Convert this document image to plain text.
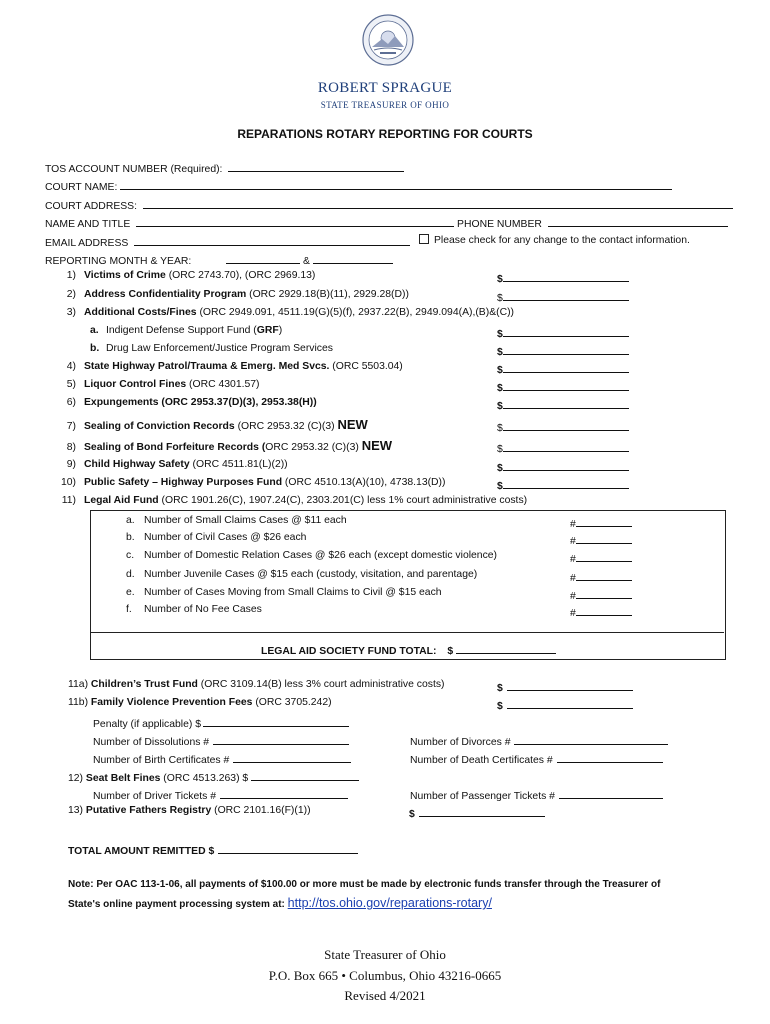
ROBERT SPRAGUE
STATE TREASURER OF OHIO
REPARATIONS ROTARY REPORTING FOR COURTS
TOS ACCOUNT NUMBER (Required):
COURT NAME:
COURT ADDRESS:
NAME AND TITLE	PHONE NUMBER
EMAIL ADDRESS	Please check for any change to the contact information.
REPORTING MONTH & YEAR:	&
1) Victims of Crime (ORC 2743.70), (ORC 2969.13)	$
2) Address Confidentiality Program (ORC 2929.18(B)(11), 2929.28(D))	$
3) Additional Costs/Fines (ORC 2949.091, 4511.19(G)(5)(f), 2937.22(B), 2949.094(A),(B)&(C))
a. Indigent Defense Support Fund (GRF)	$
b. Drug Law Enforcement/Justice Program Services	$
4) State Highway Patrol/Trauma & Emerg. Med Svcs. (ORC 5503.04)	$
5) Liquor Control Fines (ORC 4301.57)	$
6) Expungements (ORC 2953.37(D)(3), 2953.38(H))	$
7) Sealing of Conviction Records (ORC 2953.32 (C)(3) NEW	$
8) Sealing of Bond Forfeiture Records (ORC 2953.32 (C)(3) NEW	$
9) Child Highway Safety (ORC 4511.81(L)(2))	$
10) Public Safety – Highway Purposes Fund (ORC 4510.13(A)(10), 4738.13(D))	$
11) Legal Aid Fund (ORC 1901.26(C), 1907.24(C), 2303.201(C) less 1% court administrative costs)
a. Number of Small Claims Cases @ $11 each	#
b. Number of Civil Cases @ $26 each	#
c. Number of Domestic Relation Cases @ $26 each (except domestic violence)	#
d. Number Juvenile Cases @ $15 each (custody, visitation, and parentage)	#
e. Number of Cases Moving from Small Claims to Civil @ $15 each	#
f. Number of No Fee Cases	#
LEGAL AID SOCIETY FUND TOTAL: $
11a) Children’s Trust Fund (ORC 3109.14(B) less 3% court administrative costs)	$
11b) Family Violence Prevention Fees (ORC 3705.242)	$
Penalty (if applicable) $
Number of Dissolutions #	Number of Divorces #
Number of Birth Certificates #	Number of Death Certificates #
12) Seat Belt Fines (ORC 4513.263) $
Number of Driver Tickets #	Number of Passenger Tickets #
13) Putative Fathers Registry (ORC 2101.16(F)(1))	$
TOTAL AMOUNT REMITTED $
Note: Per OAC 113-1-06, all payments of $100.00 or more must be made by electronic funds transfer through the Treasurer of
State's online payment processing system at: http://tos.ohio.gov/reparations-rotary/
State Treasurer of Ohio
P.O. Box 665 • Columbus, Ohio 43216-0665
Revised 4/2021
